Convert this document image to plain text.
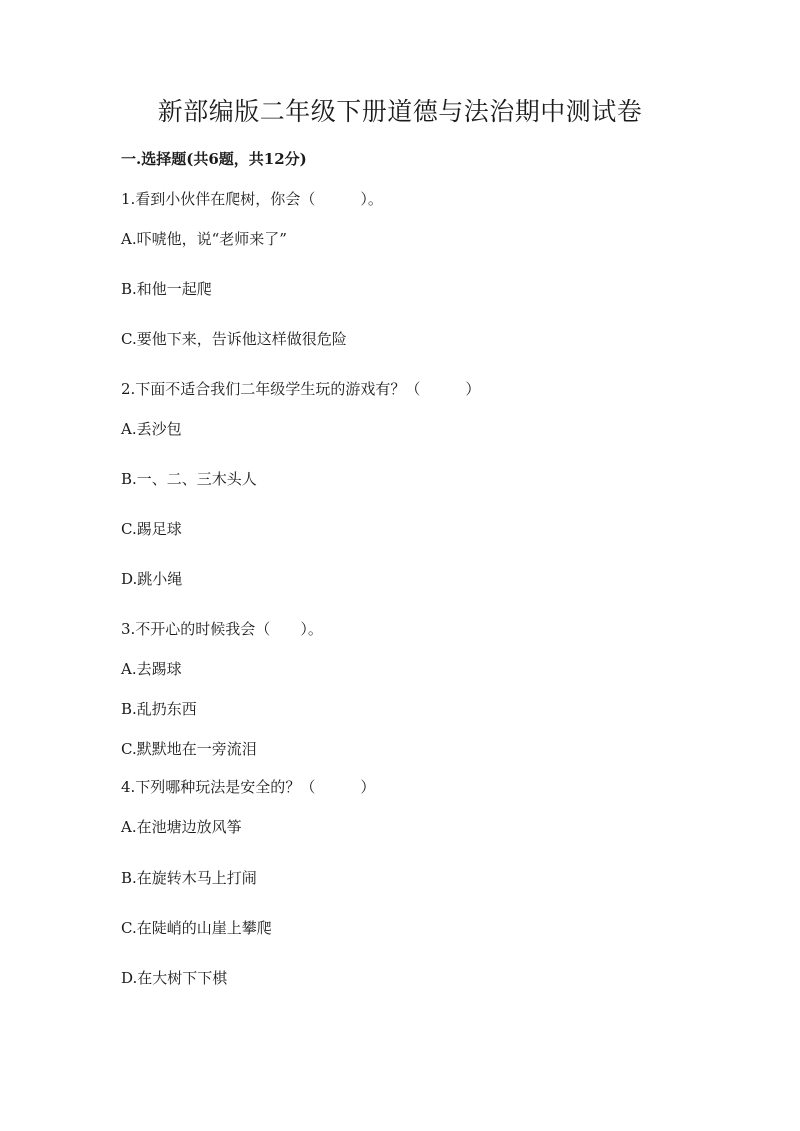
新部编版二年级下册道德与法治期中测试卷

一.选择题(共6题，共12分)

1.看到小伙伴在爬树，你会（　　　）。

A.吓唬他，说“老师来了”

B.和他一起爬

C.要他下来，告诉他这样做很危险

2.下面不适合我们二年级学生玩的游戏有？（　　　）

A.丢沙包

B.一、二、三木头人

C.踢足球

D.跳小绳

3.不开心的时候我会（　　）。

A.去踢球

B.乱扔东西

C.默默地在一旁流泪

4.下列哪种玩法是安全的？（　　　）

A.在池塘边放风筝

B.在旋转木马上打闹

C.在陡峭的山崖上攀爬

D.在大树下下棋
